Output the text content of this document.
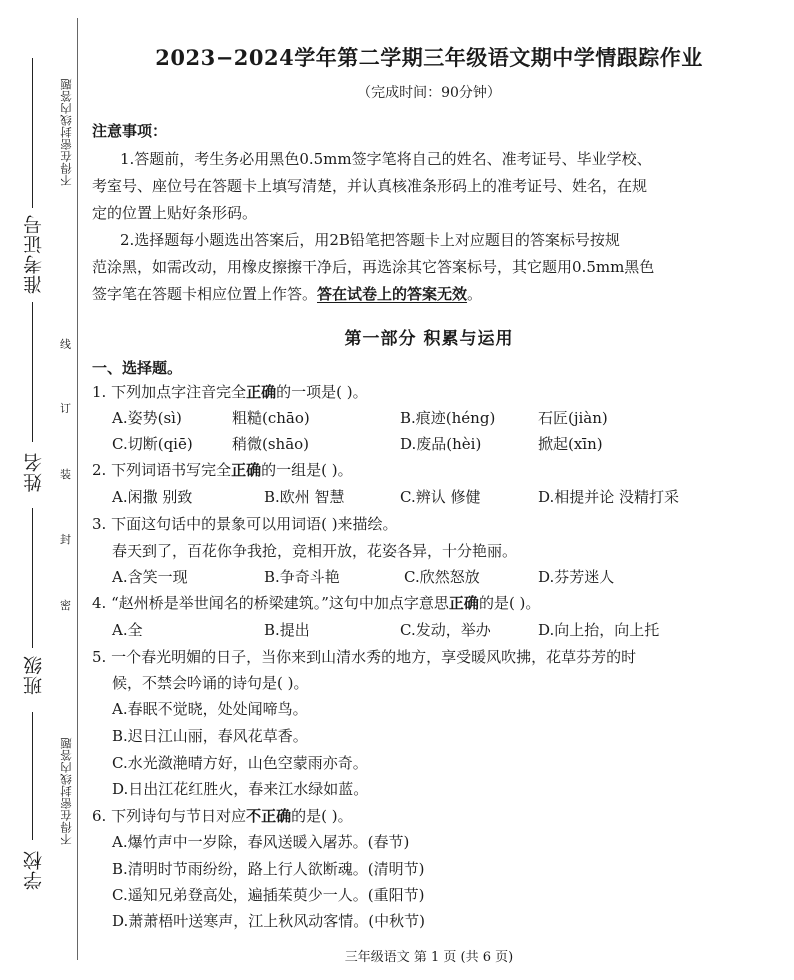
不得在密封线内答题
不得在密封线内答题
准考证号
姓名
班级
学校
线
订
装
封
密
2023−2024学年第二学期三年级语文期中学情跟踪作业
（完成时间：90分钟）
注意事项：
1.答题前，考生务必用黑色0.5mm签字笔将自己的姓名、准考证号、毕业学校、
考室号、座位号在答题卡上填写清楚，并认真核准条形码上的准考证号、姓名，在规
定的位置上贴好条形码。
2.选择题每小题选出答案后，用2B铅笔把答题卡上对应题目的答案标号按规
范涂黑，如需改动，用橡皮擦擦干净后，再选涂其它答案标号，其它题用0.5mm黑色
签字笔在答题卡相应位置上作答。答在试卷上的答案无效。
第一部分 积累与运用
一、选择题。
1. 下列加点字注音完全正确的一项是( )。
A.姿势(sì)	粗糙(chāo)	B.痕迹(héng)	石匠(jiàn)
C.切断(qiē)	稍微(shāo)	D.废品(hèi)	掀起(xīn)
2. 下列词语书写完全正确的一组是( )。
A.闲撒 别致	B.欧州 智慧	C.辨认 修健	D.相提并论 没精打采
3. 下面这句话中的景象可以用词语( )来描绘。
春天到了，百花你争我抢，竞相开放，花姿各异，十分艳丽。
A.含笑一现	B.争奇斗艳	C.欣然怒放	D.芬芳迷人
4. “赵州桥是举世闻名的桥梁建筑。”这句中加点字意思正确的是( )。
A.全	B.提出	C.发动，举办	D.向上抬，向上托
5. 一个春光明媚的日子，当你来到山清水秀的地方，享受暖风吹拂，花草芬芳的时
候，不禁会吟诵的诗句是( )。
A.春眠不觉晓，处处闻啼鸟。
B.迟日江山丽，春风花草香。
C.水光潋滟晴方好，山色空蒙雨亦奇。
D.日出江花红胜火，春来江水绿如蓝。
6. 下列诗句与节日对应不正确的是( )。
A.爆竹声中一岁除，春风送暖入屠苏。(春节)
B.清明时节雨纷纷，路上行人欲断魂。(清明节)
C.遥知兄弟登高处，遍插茱萸少一人。(重阳节)
D.萧萧梧叶送寒声，江上秋风动客情。(中秋节)
三年级语文 第 1 页 (共 6 页)
